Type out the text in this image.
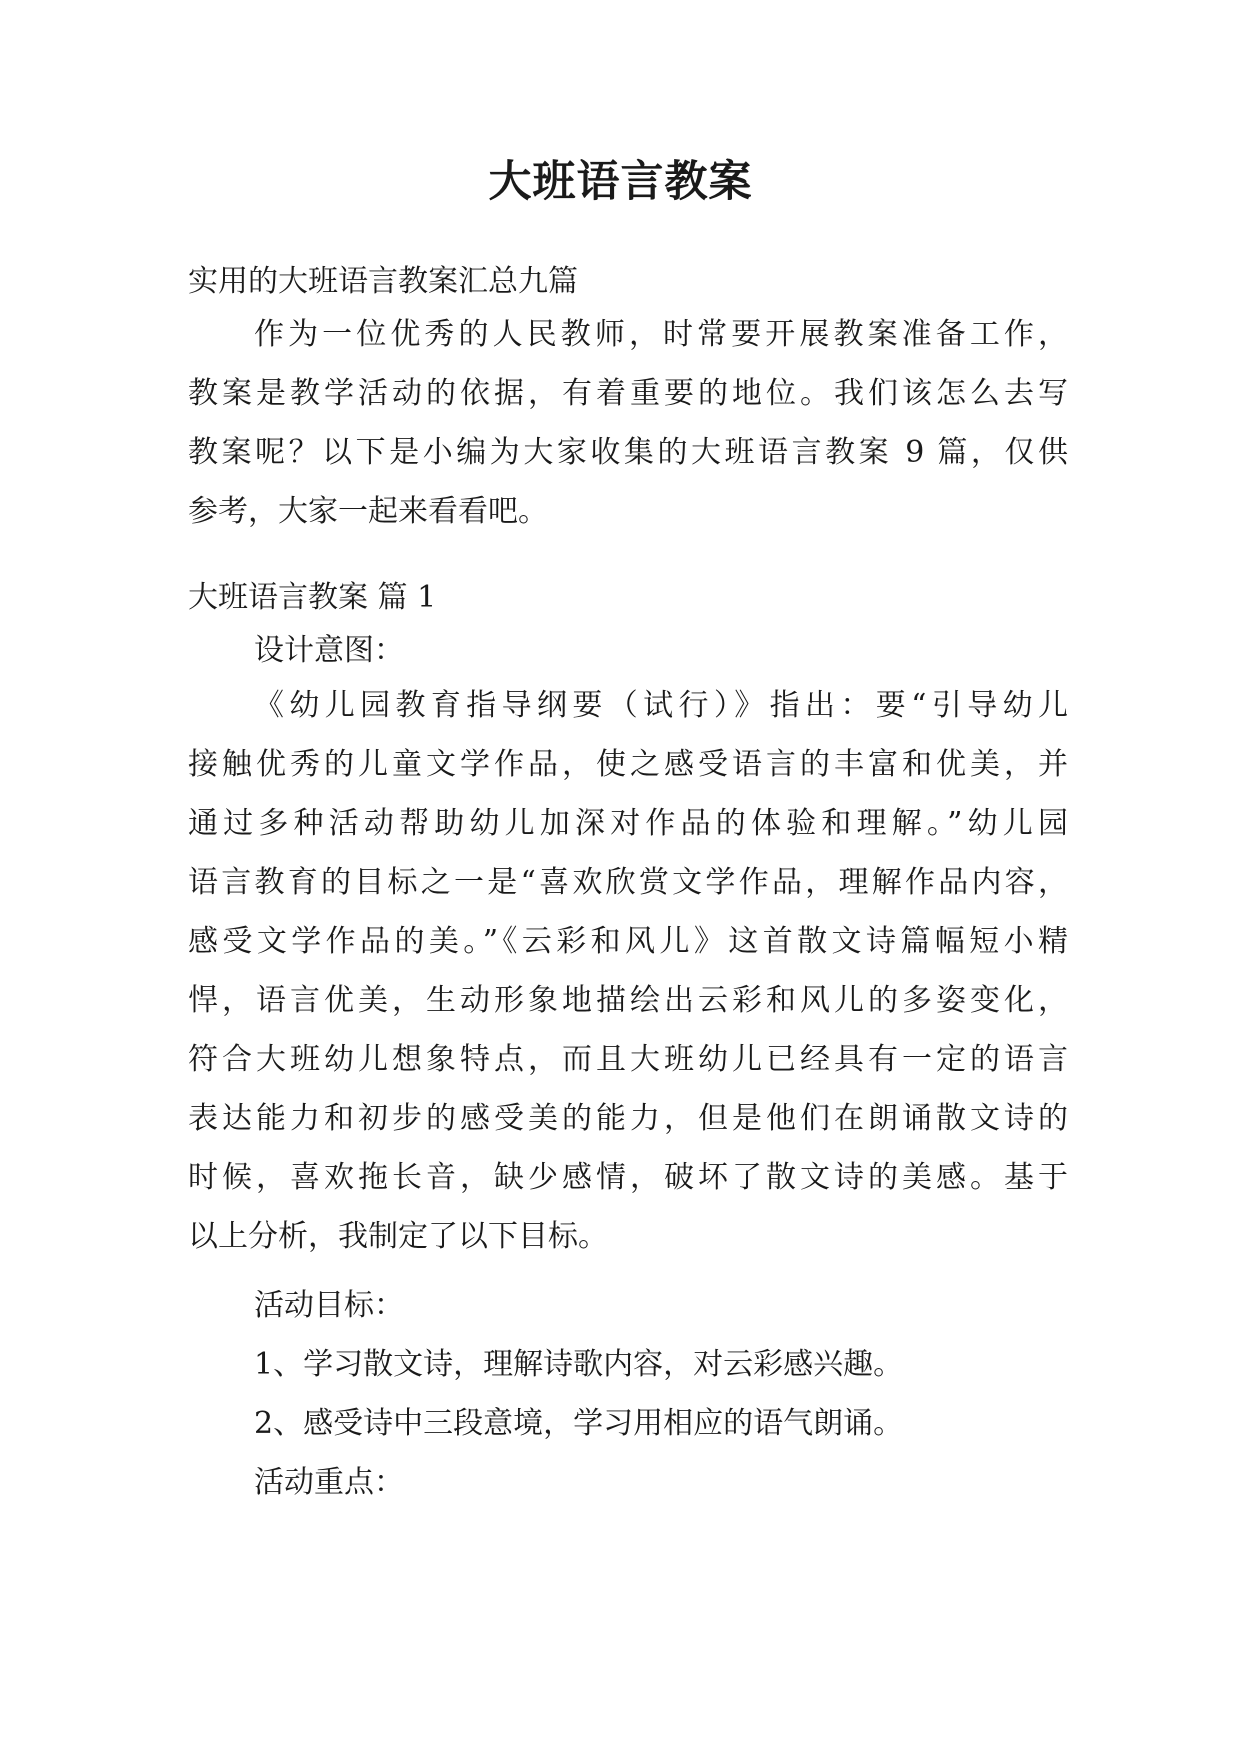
大班语言教案

实用的大班语言教案汇总九篇

作为一位优秀的人民教师，时常要开展教案准备工作，
教案是教学活动的依据，有着重要的地位。我们该怎么去写
教案呢？以下是小编为大家收集的大班语言教案 9 篇，仅供
参考，大家一起来看看吧。

大班语言教案 篇 1

设计意图：

《幼儿园教育指导纲要（试行）》指出：要“引导幼儿
接触优秀的儿童文学作品，使之感受语言的丰富和优美，并
通过多种活动帮助幼儿加深对作品的体验和理解。”幼儿园
语言教育的目标之一是“喜欢欣赏文学作品，理解作品内容，
感受文学作品的美。”《云彩和风儿》这首散文诗篇幅短小精
悍，语言优美，生动形象地描绘出云彩和风儿的多姿变化，
符合大班幼儿想象特点，而且大班幼儿已经具有一定的语言
表达能力和初步的感受美的能力，但是他们在朗诵散文诗的
时候，喜欢拖长音，缺少感情，破坏了散文诗的美感。基于
以上分析，我制定了以下目标。

活动目标：

1、学习散文诗，理解诗歌内容，对云彩感兴趣。

2、感受诗中三段意境，学习用相应的语气朗诵。

活动重点：
